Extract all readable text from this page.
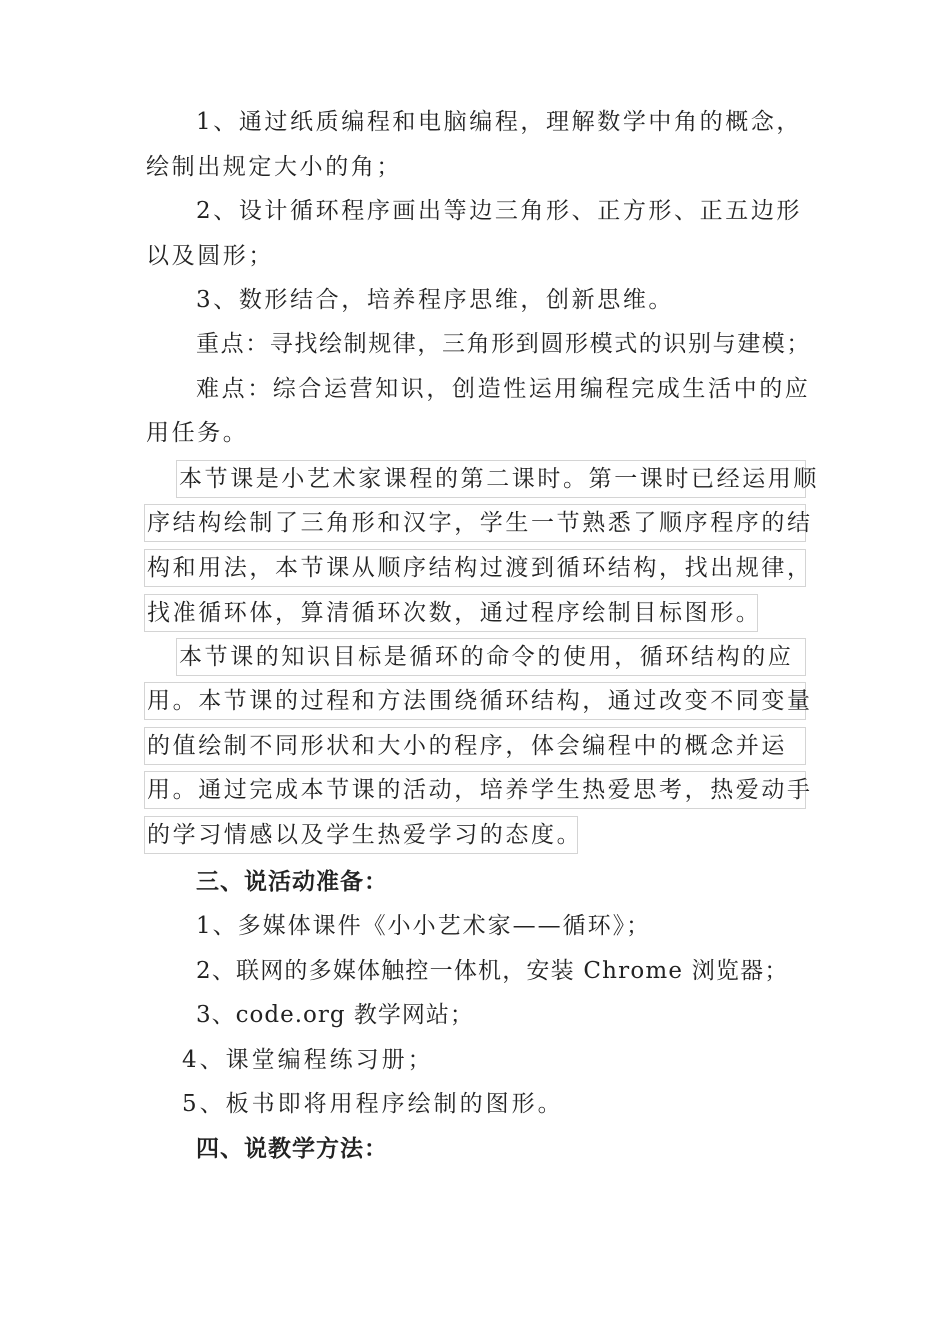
1、通过纸质编程和电脑编程，理解数学中角的概念，

绘制出规定大小的角；

2、设计循环程序画出等边三角形、正方形、正五边形

以及圆形；

3、数形结合，培养程序思维，创新思维。

重点：寻找绘制规律，三角形到圆形模式的识别与建模；

难点：综合运营知识，创造性运用编程完成生活中的应

用任务。

本节课是小艺术家课程的第二课时。第一课时已经运用顺

序结构绘制了三角形和汉字，学生一节熟悉了顺序程序的结

构和用法，本节课从顺序结构过渡到循环结构，找出规律，

找准循环体，算清循环次数，通过程序绘制目标图形。

本节课的知识目标是循环的命令的使用，循环结构的应

用。本节课的过程和方法围绕循环结构，通过改变不同变量

的值绘制不同形状和大小的程序，体会编程中的概念并运

用。通过完成本节课的活动，培养学生热爱思考，热爱动手

的学习情感以及学生热爱学习的态度。

三、说活动准备：

1、多媒体课件《小小艺术家——循环》；

2、联网的多媒体触控一体机，安装 Chrome 浏览器；

3、code.org 教学网站；

4、课堂编程练习册；

5、板书即将用程序绘制的图形。

四、说教学方法：
